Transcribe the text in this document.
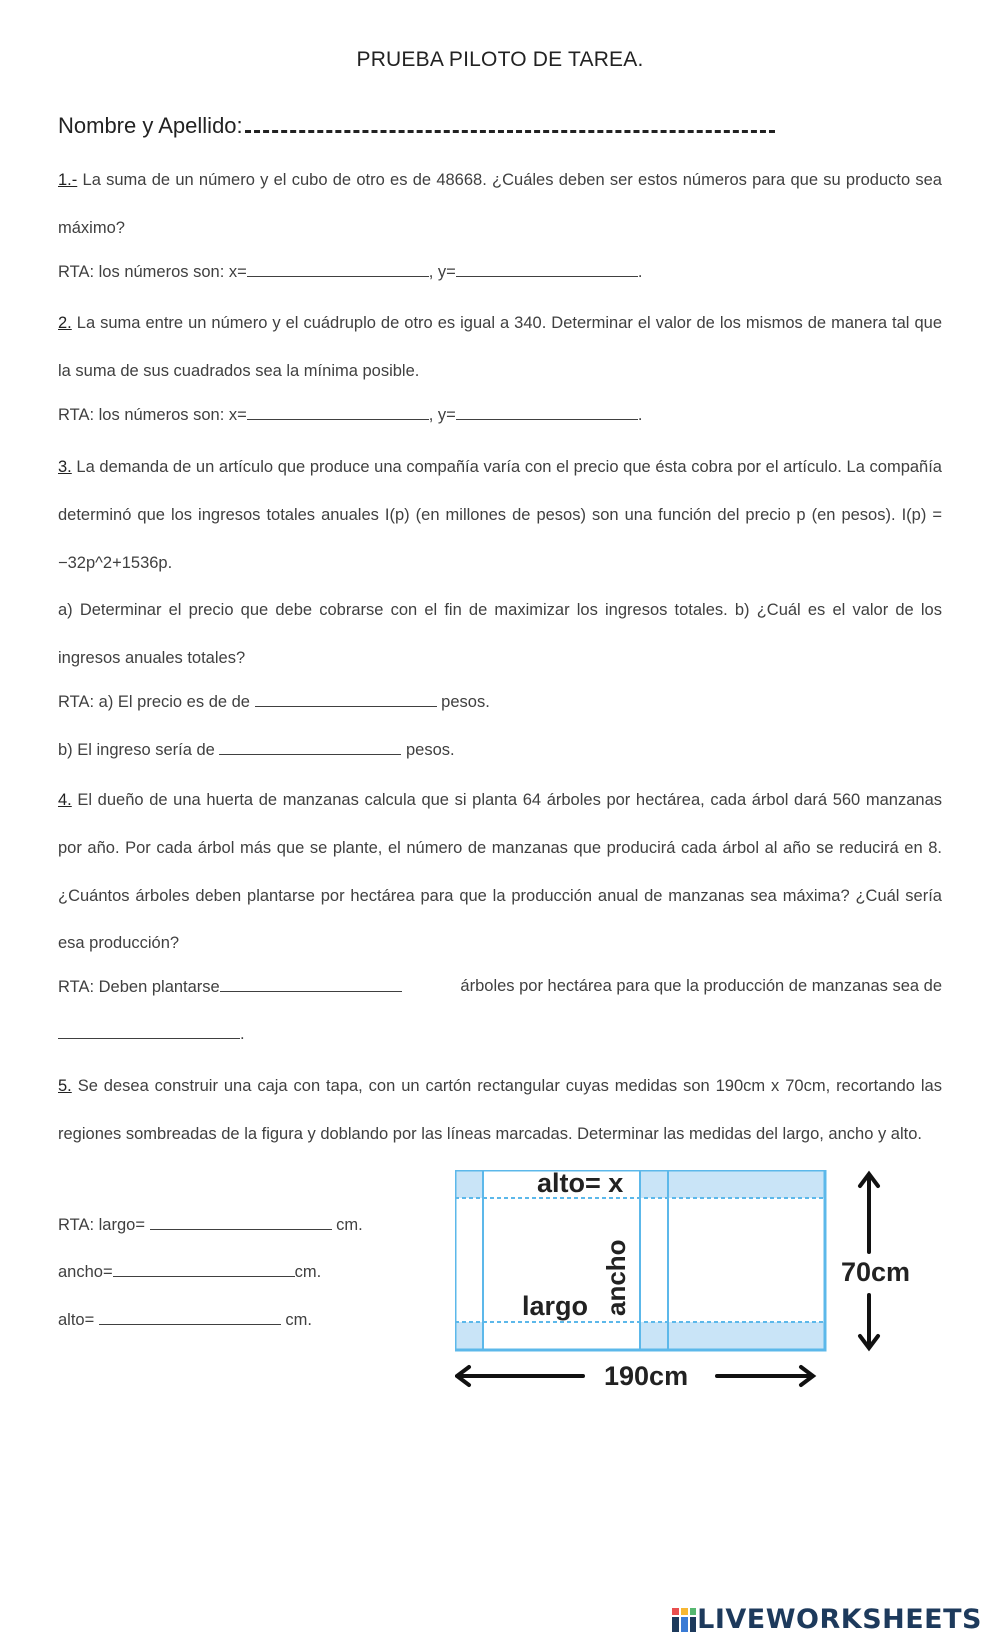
PRUEBA PILOTO DE TAREA.
Nombre y Apellido:
1.- La suma de un número y el cubo de otro es de 48668. ¿Cuáles deben ser estos números para que su producto sea máximo?
RTA: los números son: x=	, y=	.
2. La suma entre un número y el cuádruplo de otro es igual a 340. Determinar el valor de los mismos de manera tal que la suma de sus cuadrados sea la mínima posible.
RTA: los números son: x=	, y=	.
3. La demanda de un artículo que produce una compañía varía con el precio que ésta cobra por el artículo. La compañía determinó que los ingresos totales anuales I(p) (en millones de pesos) son una función del precio p (en pesos). I(p) = −32p^2+1536p.
a) Determinar el precio que debe cobrarse con el fin de maximizar los ingresos totales. b) ¿Cuál es el valor de los ingresos anuales totales?
RTA: a) El precio es de de	pesos.
b) El ingreso sería de	pesos.
4. El dueño de una huerta de manzanas calcula que si planta 64 árboles por hectárea, cada árbol dará 560 manzanas por año. Por cada árbol más que se plante, el número de manzanas que producirá cada árbol al año se reducirá en 8. ¿Cuántos árboles deben plantarse por hectárea para que la producción anual de manzanas sea máxima? ¿Cuál sería esa producción?
RTA: Deben plantarse	árboles por hectárea para que la producción de manzanas sea de
.
5. Se desea construir una caja con tapa, con un cartón rectangular cuyas medidas son 190cm x 70cm, recortando las regiones sombreadas de la figura y doblando por las líneas marcadas. Determinar las medidas del largo, ancho y alto.
RTA: largo=	cm.
ancho=	cm.
alto=	cm.
alto= x
ancho
largo
70cm
190cm
LIVEWORKSHEETS
